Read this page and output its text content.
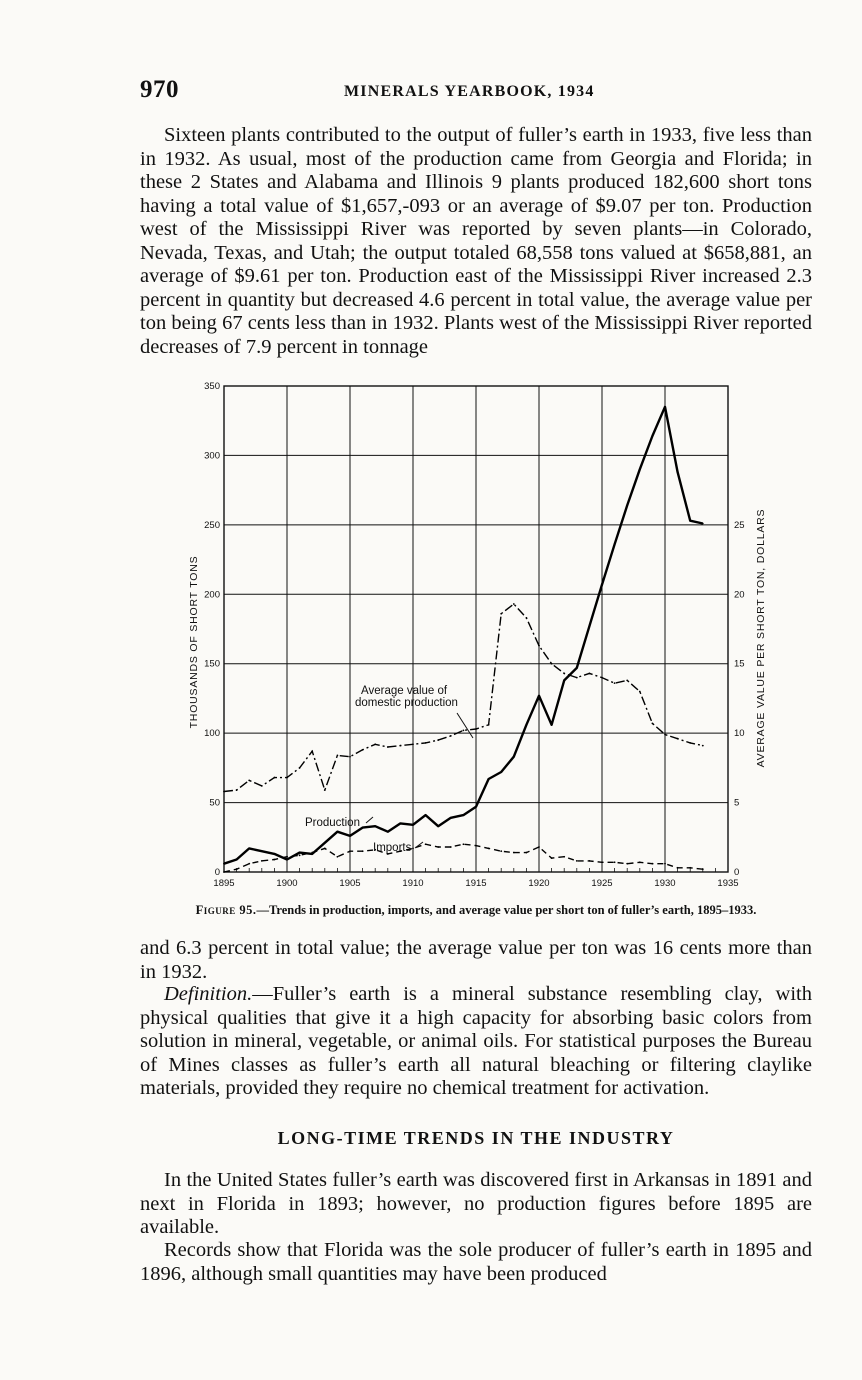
970	MINERALS YEARBOOK, 1934

Sixteen plants contributed to the output of fuller’s earth in 1933, five less than in 1932. As usual, most of the production came from Georgia and Florida; in these 2 States and Alabama and Illinois 9 plants produced 182,600 short tons having a total value of $1,657,-093 or an average of $9.07 per ton. Production west of the Mississippi River was reported by seven plants—in Colorado, Nevada, Texas, and Utah; the output totaled 68,558 tons valued at $658,881, an average of $9.61 per ton. Production east of the Mississippi River increased 2.3 percent in quantity but decreased 4.6 percent in total value, the average value per ton being 67 cents less than in 1932. Plants west of the Mississippi River reported decreases of 7.9 percent in tonnage

1895	1900	1905	1910	1915	1920	1925	1930	1935
0
50
100
150
200
250
300
350
0
5
10
15
20
25
THOUSANDS OF SHORT TONS	AVERAGE VALUE PER SHORT TON, DOLLARS
Average value of
domestic production
Production
Imports
Figure 95.—Trends in production, imports, and average value per short ton of fuller’s earth, 1895–1933.

and 6.3 percent in total value; the average value per ton was 16 cents more than in 1932.

Definition.—Fuller’s earth is a mineral substance resembling clay, with physical qualities that give it a high capacity for absorbing basic colors from solution in mineral, vegetable, or animal oils. For statistical purposes the Bureau of Mines classes as fuller’s earth all natural bleaching or filtering claylike materials, provided they require no chemical treatment for activation.

LONG-TIME TRENDS IN THE INDUSTRY

In the United States fuller’s earth was discovered first in Arkansas in 1891 and next in Florida in 1893; however, no production figures before 1895 are available.

Records show that Florida was the sole producer of fuller’s earth in 1895 and 1896, although small quantities may have been produced
